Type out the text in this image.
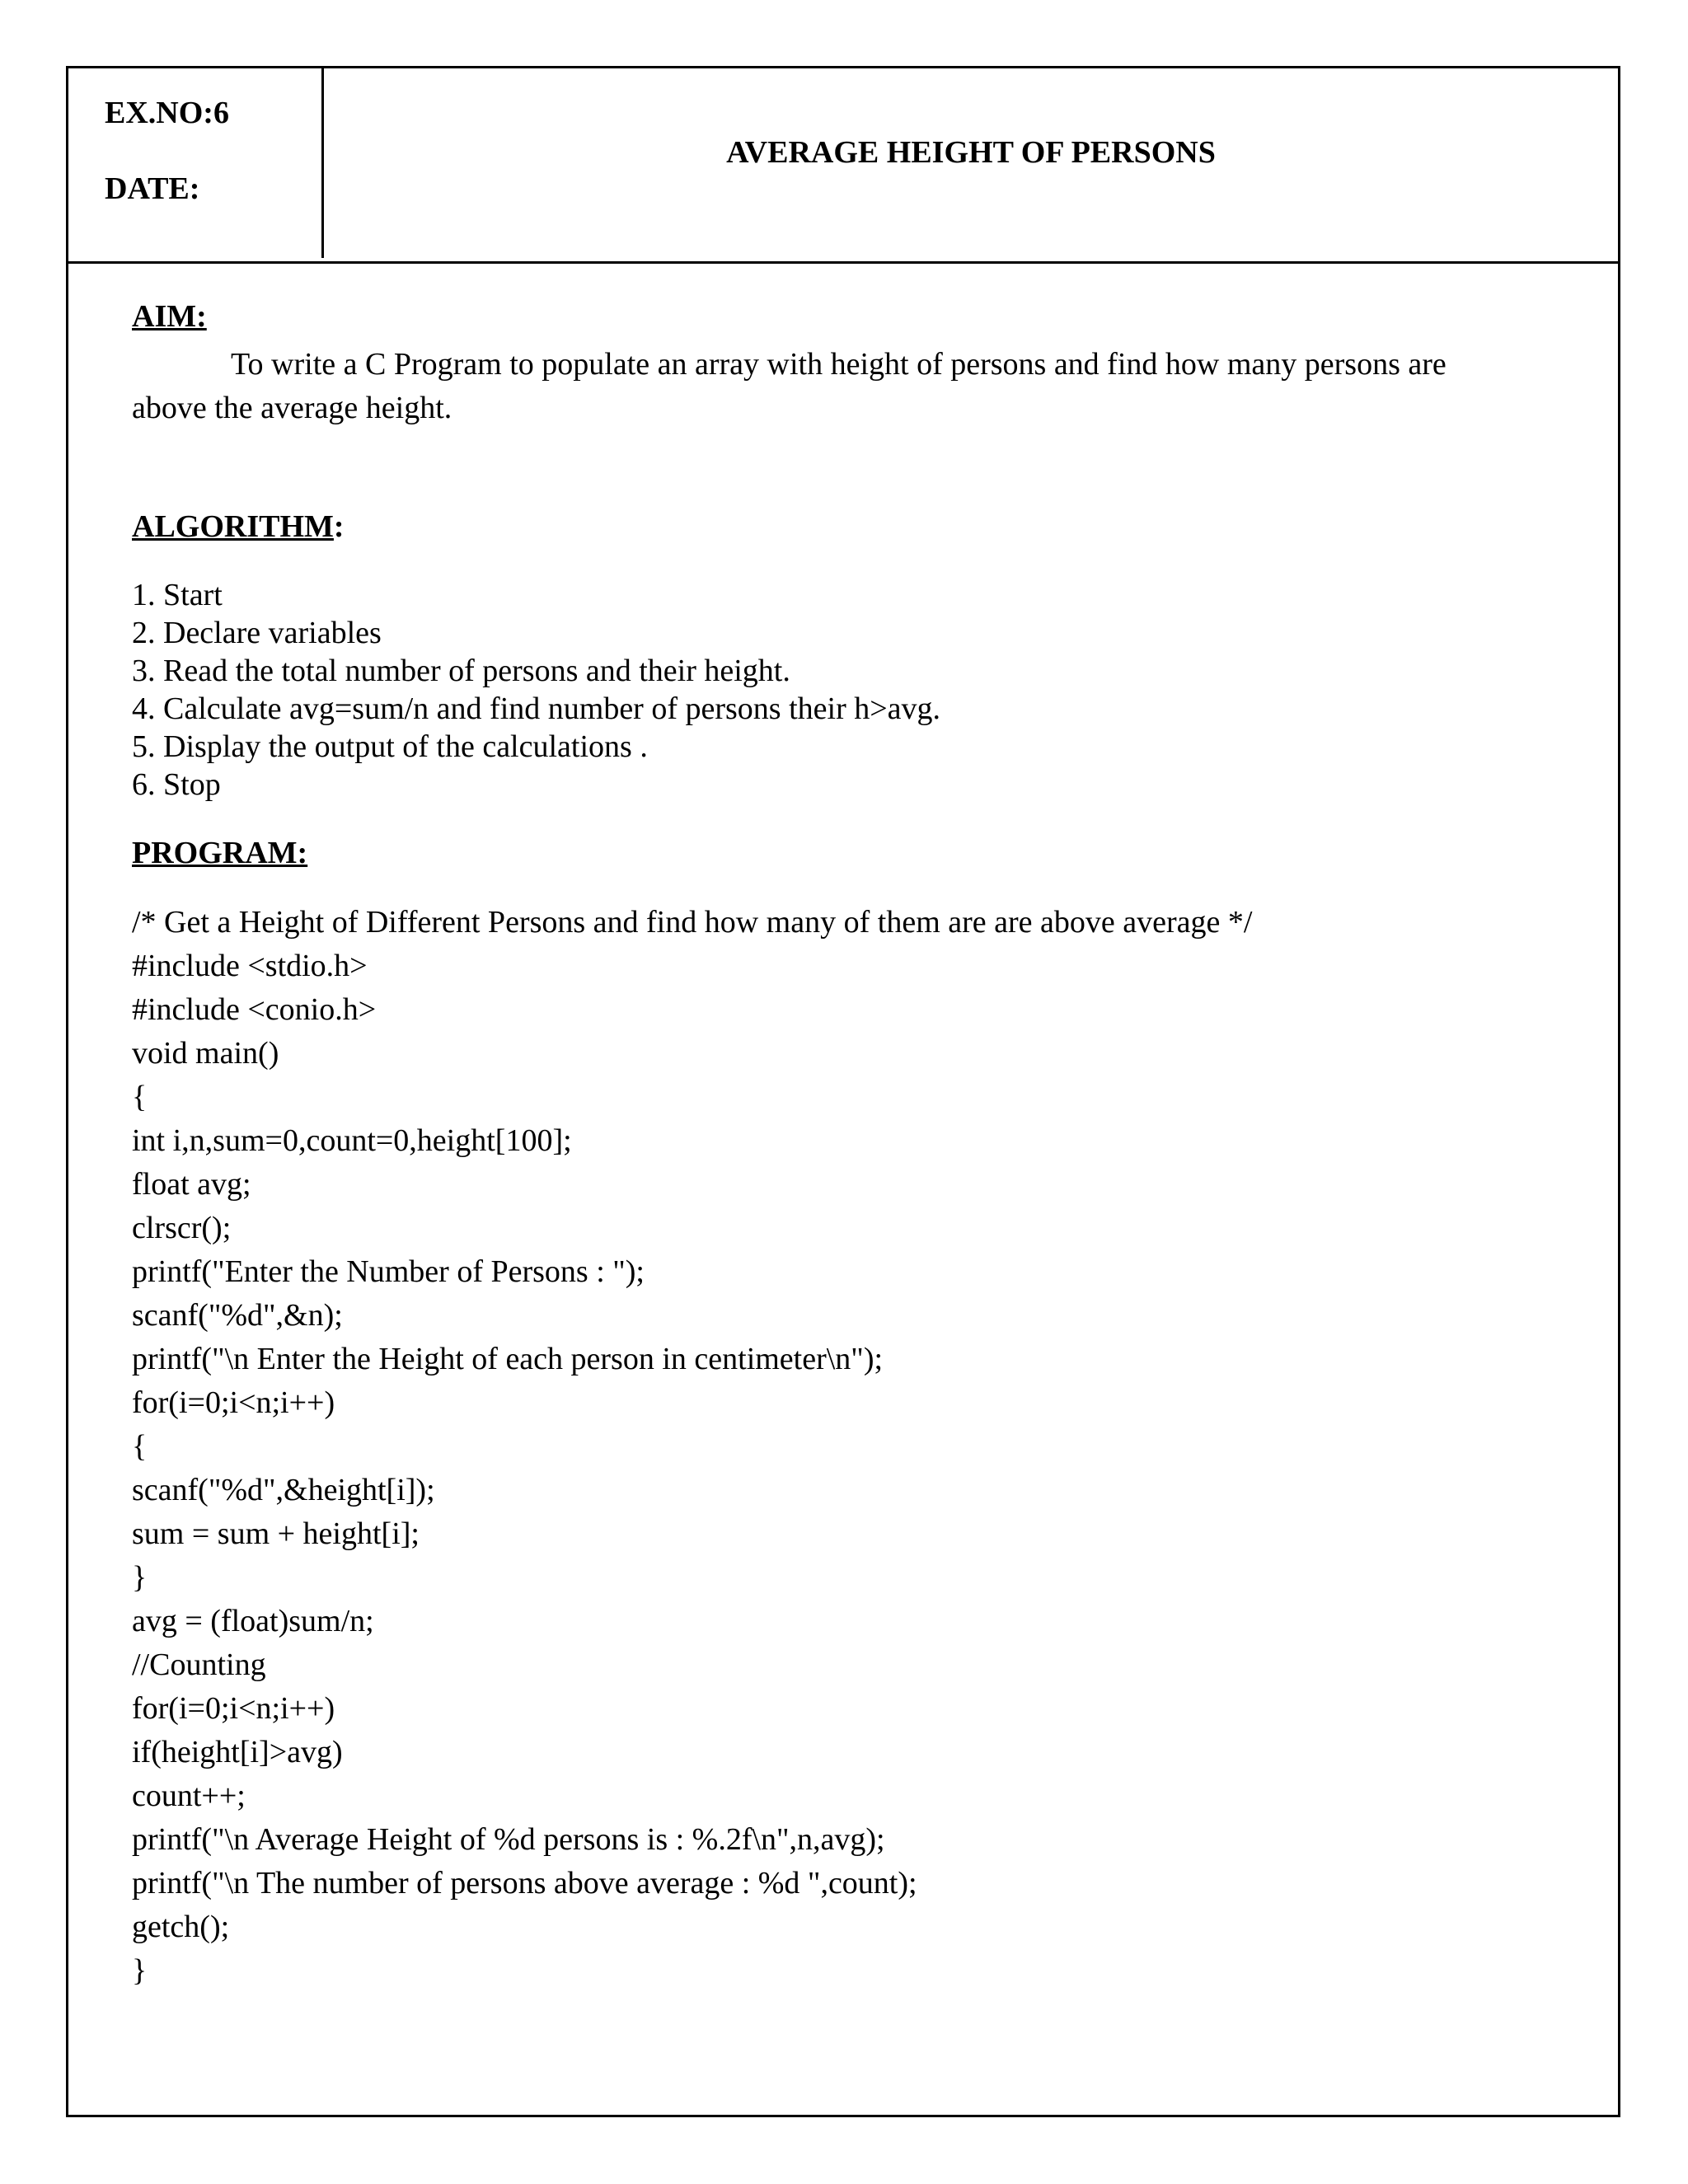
EX.NO:6
DATE:
AVERAGE HEIGHT OF PERSONS
AIM:
To write a C Program to populate an array with height of persons and find how many persons are above the average height.
ALGORITHM:
1. Start
2. Declare variables
3. Read the total number of persons and their height.
4. Calculate avg=sum/n and find number of persons their h>avg.
5. Display the output of the calculations .
6. Stop
PROGRAM:
/* Get a Height of Different Persons and find how many of them are are above average */
#include <stdio.h>
#include <conio.h>
void main()
{
int i,n,sum=0,count=0,height[100];
float avg;
clrscr();
printf("Enter the Number of Persons : ");
scanf("%d",&n);
printf("\n Enter the Height of each person in centimeter\n");
for(i=0;i<n;i++)
{
scanf("%d",&height[i]);
sum = sum + height[i];
}
avg = (float)sum/n;
//Counting
for(i=0;i<n;i++)
if(height[i]>avg)
count++;
printf("\n Average Height of %d persons is : %.2f\n",n,avg);
printf("\n The number of persons above average : %d ",count);
getch();
}
